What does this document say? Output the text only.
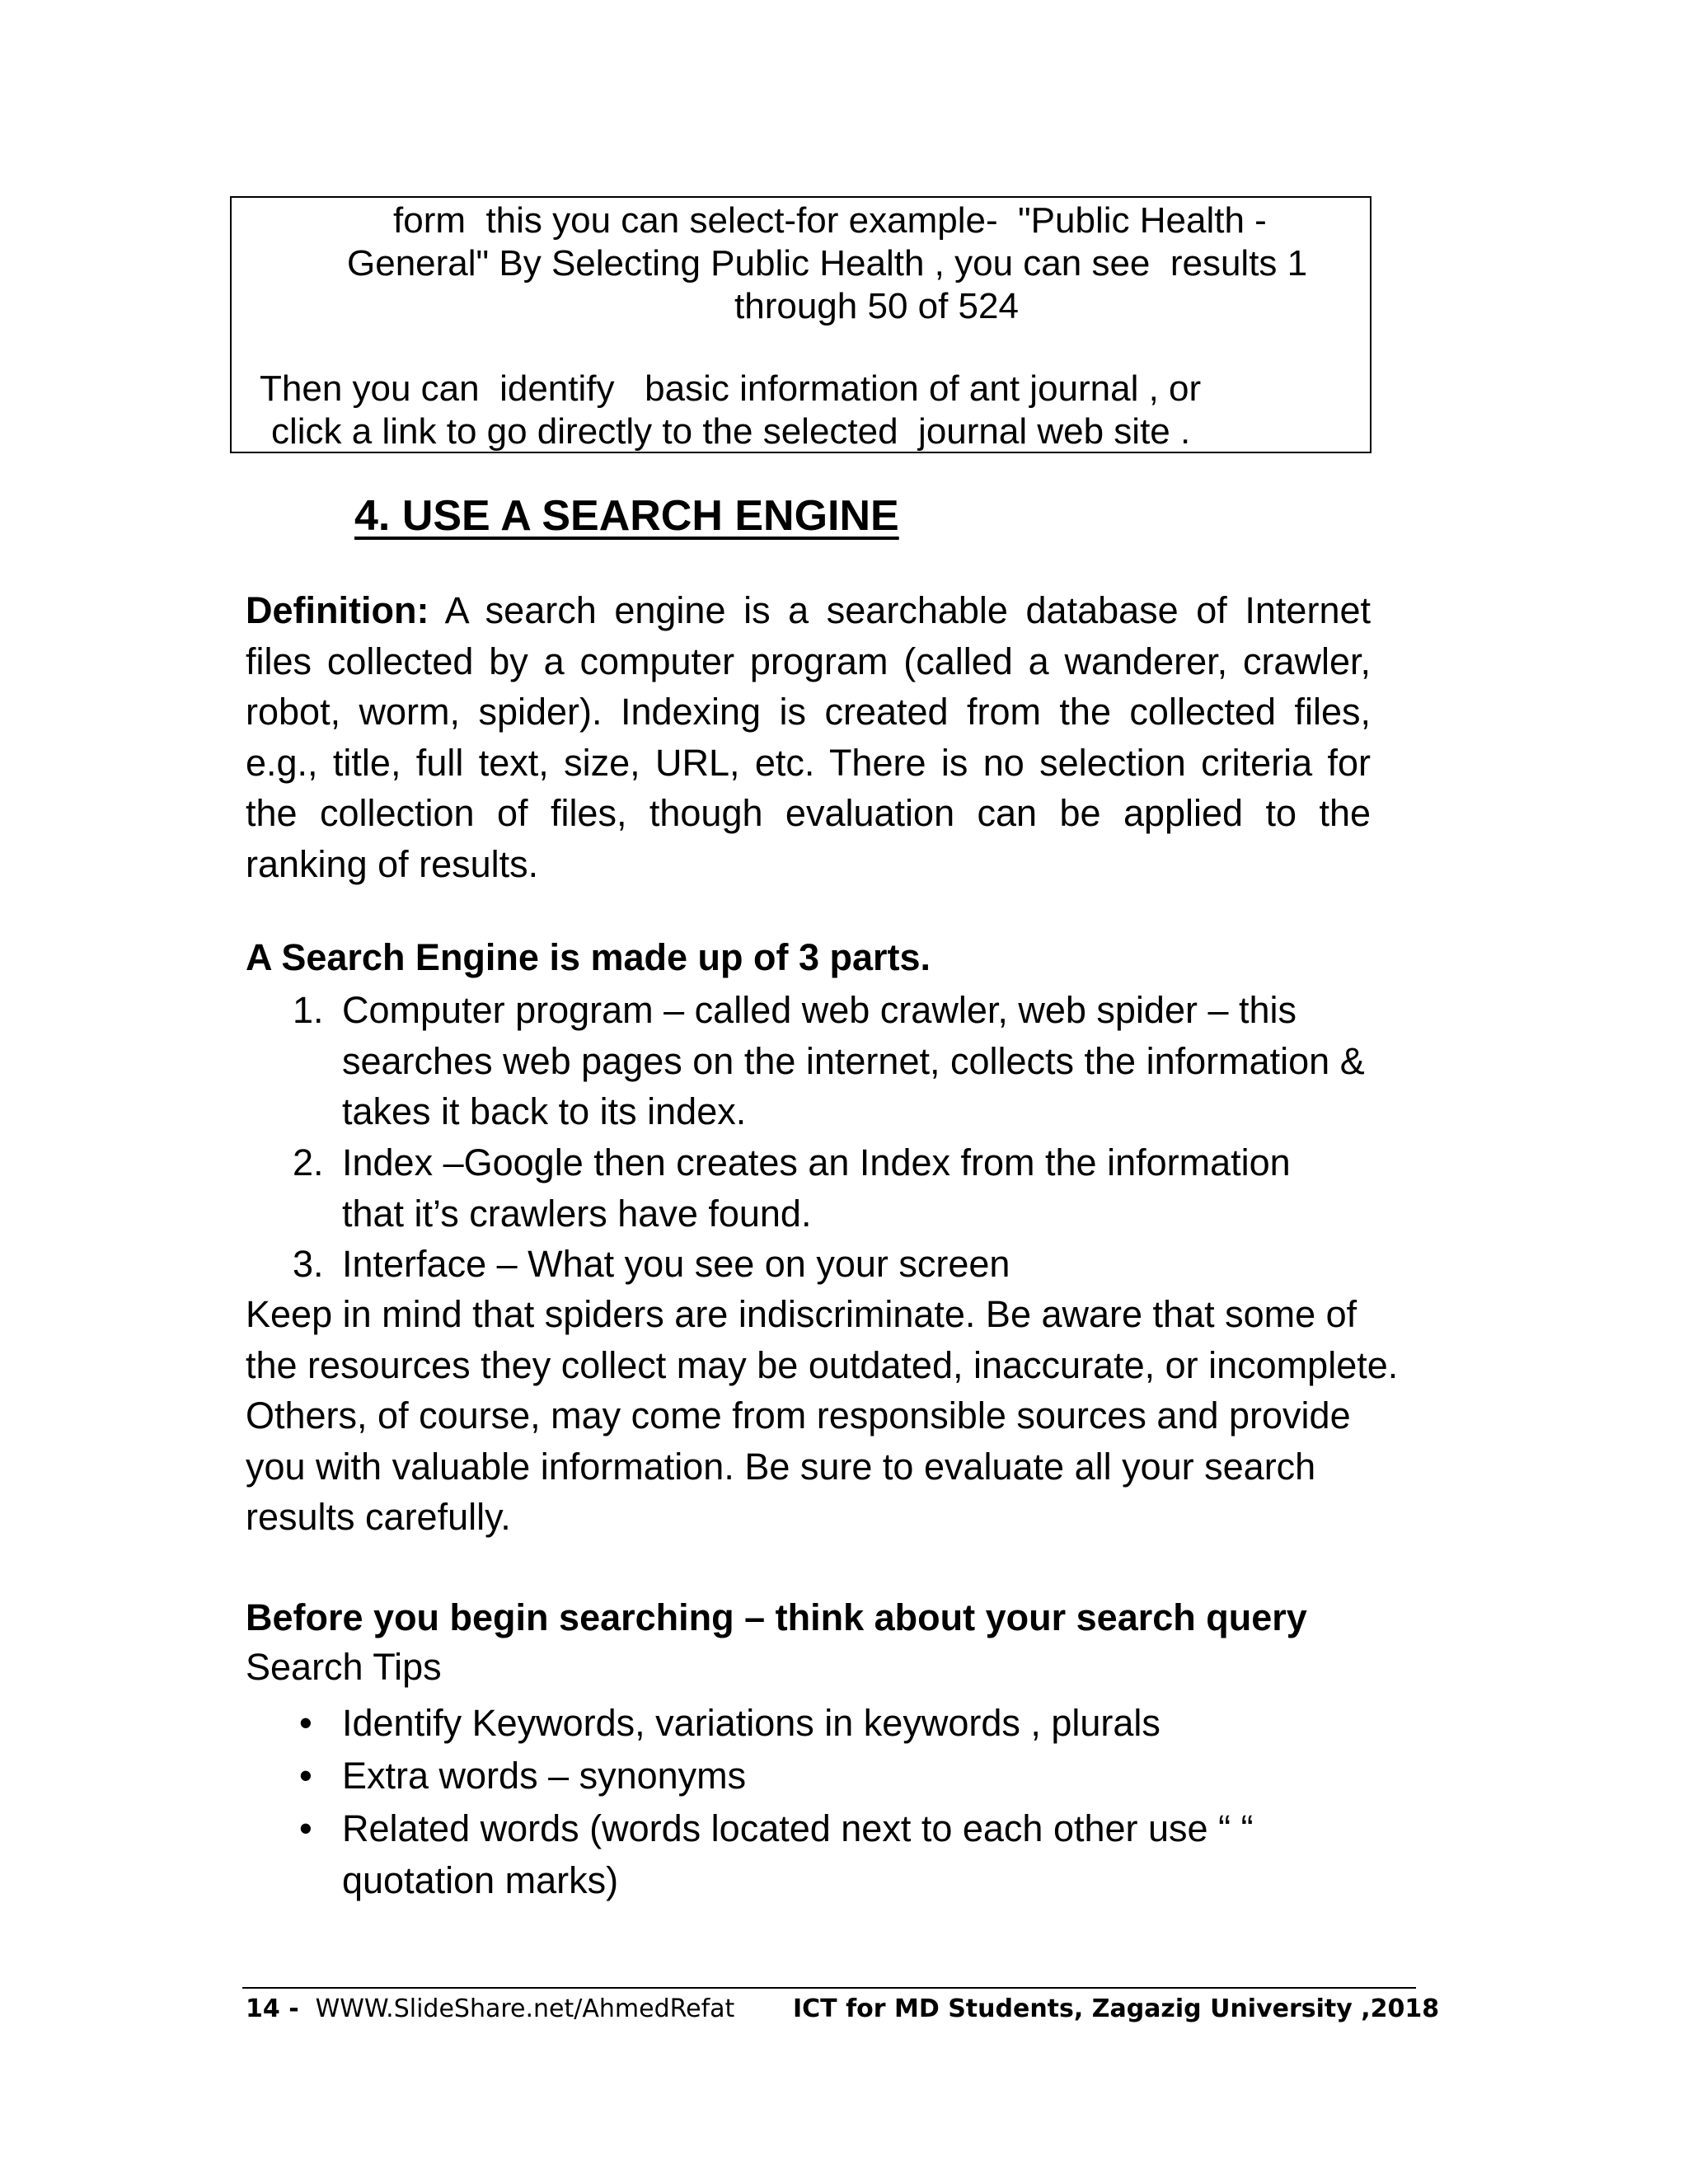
form  this you can select-for example-  "Public Health -
General" By Selecting Public Health , you can see  results 1
through 50 of 524
Then you can  identify   basic information of ant journal , or
click a link to go directly to the selected  journal web site .
4. USE A SEARCH ENGINE
Definition: A search engine is a searchable database of Internet files collected by a computer program (called a wanderer, crawler, robot, worm, spider). Indexing is created from the collected files, e.g., title, full text, size, URL, etc. There is no selection criteria for the collection of files, though evaluation can be applied to the ranking of results.
A Search Engine is made up of 3 parts.
1. Computer program – called web crawler, web spider – this searches web pages on the internet, collects the information & takes it back to its index.
2. Index –Google then creates an Index from the information that it’s crawlers have found.
3. Interface – What you see on your screen
Keep in mind that spiders are indiscriminate. Be aware that some of the resources they collect may be outdated, inaccurate, or incomplete. Others, of course, may come from responsible sources and provide you with valuable information. Be sure to evaluate all your search results carefully.
Before you begin searching – think about your search query
Search Tips
• Identify Keywords, variations in keywords , plurals
• Extra words – synonyms
• Related words (words located next to each other use “ “ quotation marks)
14 -  WWW.SlideShare.net/AhmedRefat ICT for MD Students, Zagazig University ,2018
